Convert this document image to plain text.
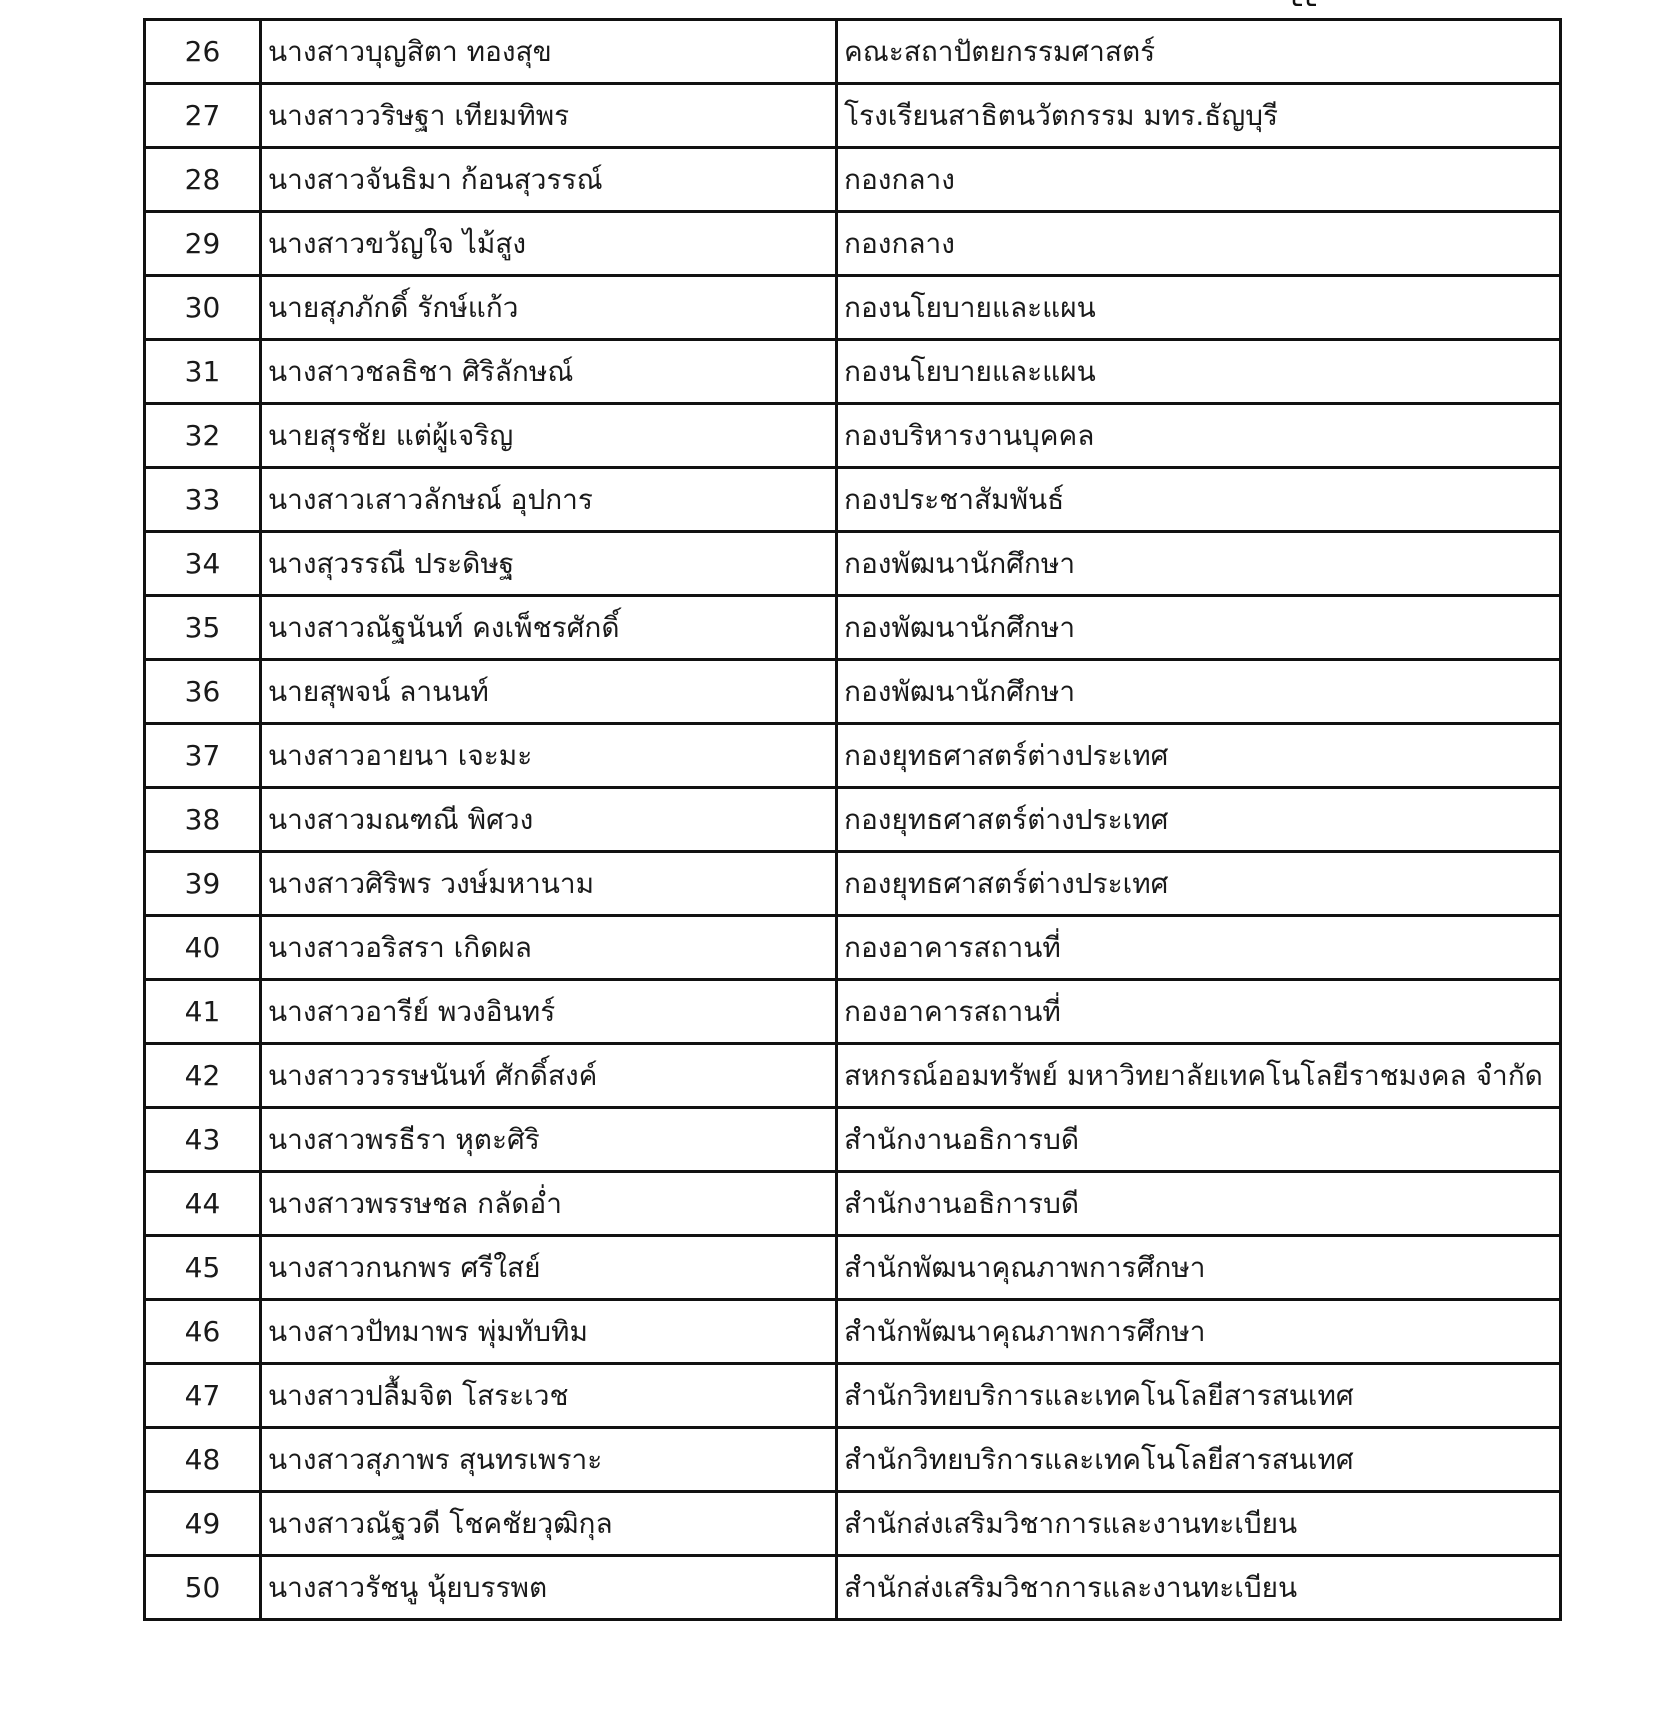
26	นางสาวบุญสิตา ทองสุข	คณะสถาปัตยกรรมศาสตร์
27	นางสาววริษฐา เทียมทิพร	โรงเรียนสาธิตนวัตกรรม มทร.ธัญบุรี
28	นางสาวจันธิมา ก้อนสุวรรณ์	กองกลาง
29	นางสาวขวัญใจ ไม้สูง	กองกลาง
30	นายสุภภักดิ์ รักษ์แก้ว	กองนโยบายและแผน
31	นางสาวชลธิชา ศิริลักษณ์	กองนโยบายและแผน
32	นายสุรชัย แต่ผู้เจริญ	กองบริหารงานบุคคล
33	นางสาวเสาวลักษณ์ อุปการ	กองประชาสัมพันธ์
34	นางสุวรรณี ประดิษฐ	กองพัฒนานักศึกษา
35	นางสาวณัฐนันท์ คงเพ็ชรศักดิ์	กองพัฒนานักศึกษา
36	นายสุพจน์ ลานนท์	กองพัฒนานักศึกษา
37	นางสาวอายนา เจะมะ	กองยุทธศาสตร์ต่างประเทศ
38	นางสาวมณฑณี พิศวง	กองยุทธศาสตร์ต่างประเทศ
39	นางสาวศิริพร วงษ์มหานาม	กองยุทธศาสตร์ต่างประเทศ
40	นางสาวอริสรา เกิดผล	กองอาคารสถานที่
41	นางสาวอารีย์ พวงอินทร์	กองอาคารสถานที่
42	นางสาววรรษนันท์ ศักดิ์สงค์	สหกรณ์ออมทรัพย์ มหาวิทยาลัยเทคโนโลยีราชมงคล จำกัด
43	นางสาวพรธีรา หุตะศิริ	สำนักงานอธิการบดี
44	นางสาวพรรษชล กลัดอ่ำ	สำนักงานอธิการบดี
45	นางสาวกนกพร ศรีใสย์	สำนักพัฒนาคุณภาพการศึกษา
46	นางสาวปัทมาพร พุ่มทับทิม	สำนักพัฒนาคุณภาพการศึกษา
47	นางสาวปลื้มจิต โสระเวช	สำนักวิทยบริการและเทคโนโลยีสารสนเทศ
48	นางสาวสุภาพร สุนทรเพราะ	สำนักวิทยบริการและเทคโนโลยีสารสนเทศ
49	นางสาวณัฐวดี โชคชัยวุฒิกุล	สำนักส่งเสริมวิชาการและงานทะเบียน
50	นางสาวรัชนู นุ้ยบรรพต	สำนักส่งเสริมวิชาการและงานทะเบียน
